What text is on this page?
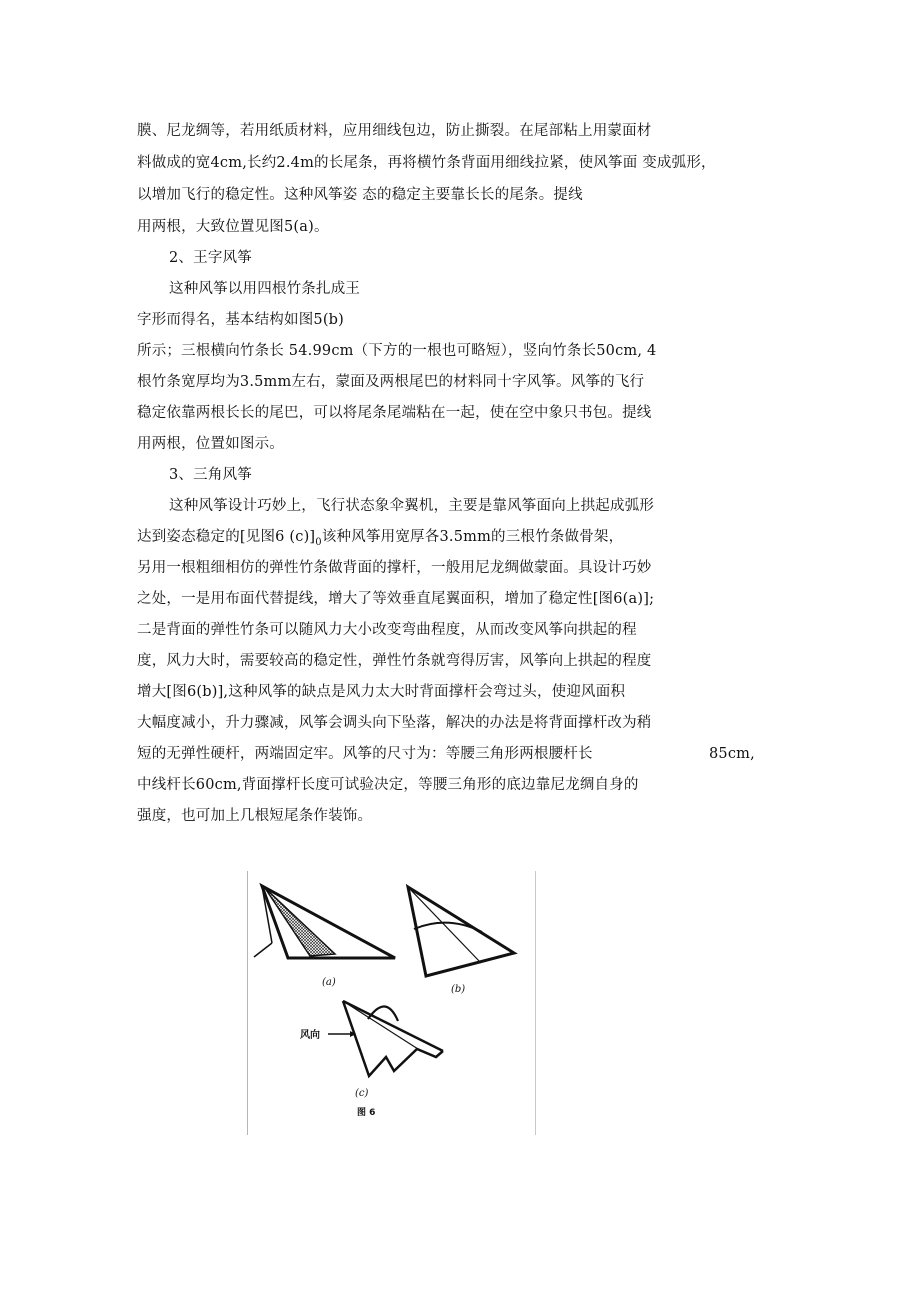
膜、尼龙绸等，若用纸质材料，应用细线包边，防止撕裂。在尾部粘上用蒙面材
料做成的宽4cm,长约2.4m的长尾条，再将横竹条背面用细线拉紧，使风筝面 变成弧形，
以增加飞行的稳定性。这种风筝姿 态的稳定主要靠长长的尾条。提线
用两根，大致位置见图5(a)。
2、王字风筝
这种风筝以用四根竹条扎成王
字形而得名，基本结构如图5(b)
所示；三根横向竹条长 54.99cm（下方的一根也可略短），竖向竹条长50cm, 4
根竹条宽厚均为3.5mm左右，蒙面及两根尾巴的材料同十字风筝。风筝的飞行
稳定依靠两根长长的尾巴，可以将尾条尾端粘在一起，使在空中象只书包。提线
用两根，位置如图示。
3、三角风筝
这种风筝设计巧妙上，飞行状态象伞翼机，主要是靠风筝面向上拱起成弧形
达到姿态稳定的[见图6 $(c)]_0$该种风筝用宽厚各3.5mm的三根竹条做骨架，
另用一根粗细相仿的弹性竹条做背面的撑杆，一般用尼龙绸做蒙面。具设计巧妙
之处，一是用布面代替提线，增大了等效垂直尾翼面积，增加了稳定性[图6(a)];
二是背面的弹性竹条可以随风力大小改变弯曲程度，从而改变风筝向拱起的程
度，风力大时，需要较高的稳定性，弹性竹条就弯得厉害，风筝向上拱起的程度
增大[图6(b)],这种风筝的缺点是风力太大时背面撑杆会弯过头，使迎风面积
大幅度减小，升力骤减，风筝会调头向下坠落，解决的办法是将背面撑杆改为稍
短的无弹性硬杆，两端固定牢。风筝的尺寸为：等腰三角形两根腰杆长	85cm,
中线杆长60cm,背面撑杆长度可试验决定，等腰三角形的底边靠尼龙绸自身的
强度，也可加上几根短尾条作装饰。
(a)
(b)
风向
(c)
图 6
